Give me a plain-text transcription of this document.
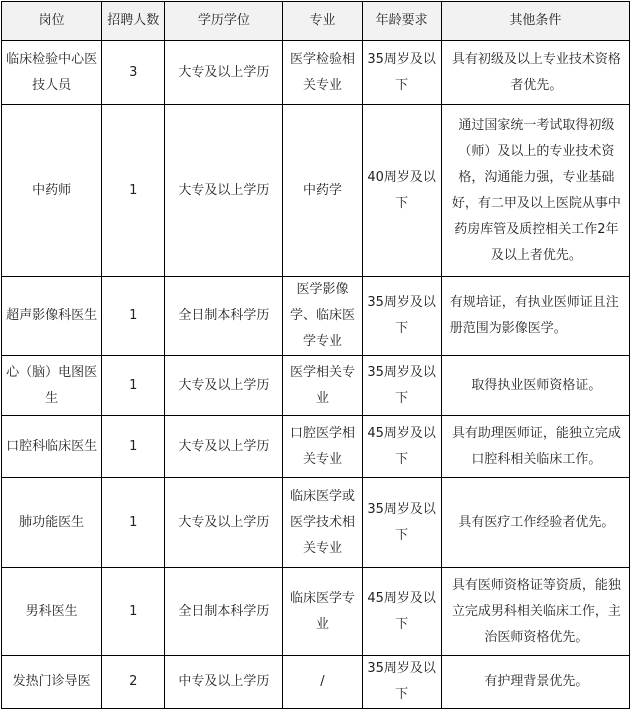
岗位	招聘人数	学历学位	专业	年龄要求	其他条件
临床检验中心医技人员	3	大专及以上学历	医学检验相关专业	35周岁及以下	具有初级及以上专业技术资格者优先。
中药师	1	大专及以上学历	中药学	40周岁及以下	通过国家统一考试取得初级（师）及以上的专业技术资格，沟通能力强，专业基础好，有二甲及以上医院从事中药房库管及质控相关工作2年及以上者优先。
超声影像科医生	1	全日制本科学历	医学影像学、临床医学专业	35周岁及以下	有规培证，有执业医师证且注册范围为影像医学。
心（脑）电图医生	1	大专及以上学历	医学相关专业	35周岁及以下	取得执业医师资格证。
口腔科临床医生	1	大专及以上学历	口腔医学相关专业	45周岁及以下	具有助理医师证，能独立完成口腔科相关临床工作。
肺功能医生	1	大专及以上学历	临床医学或医学技术相关专业	35周岁及以下	具有医疗工作经验者优先。
男科医生	1	全日制本科学历	临床医学专业	45周岁及以下	具有医师资格证等资质，能独立完成男科相关临床工作，主治医师资格优先。
发热门诊导医	2	中专及以上学历	/	35周岁及以下	有护理背景优先。
